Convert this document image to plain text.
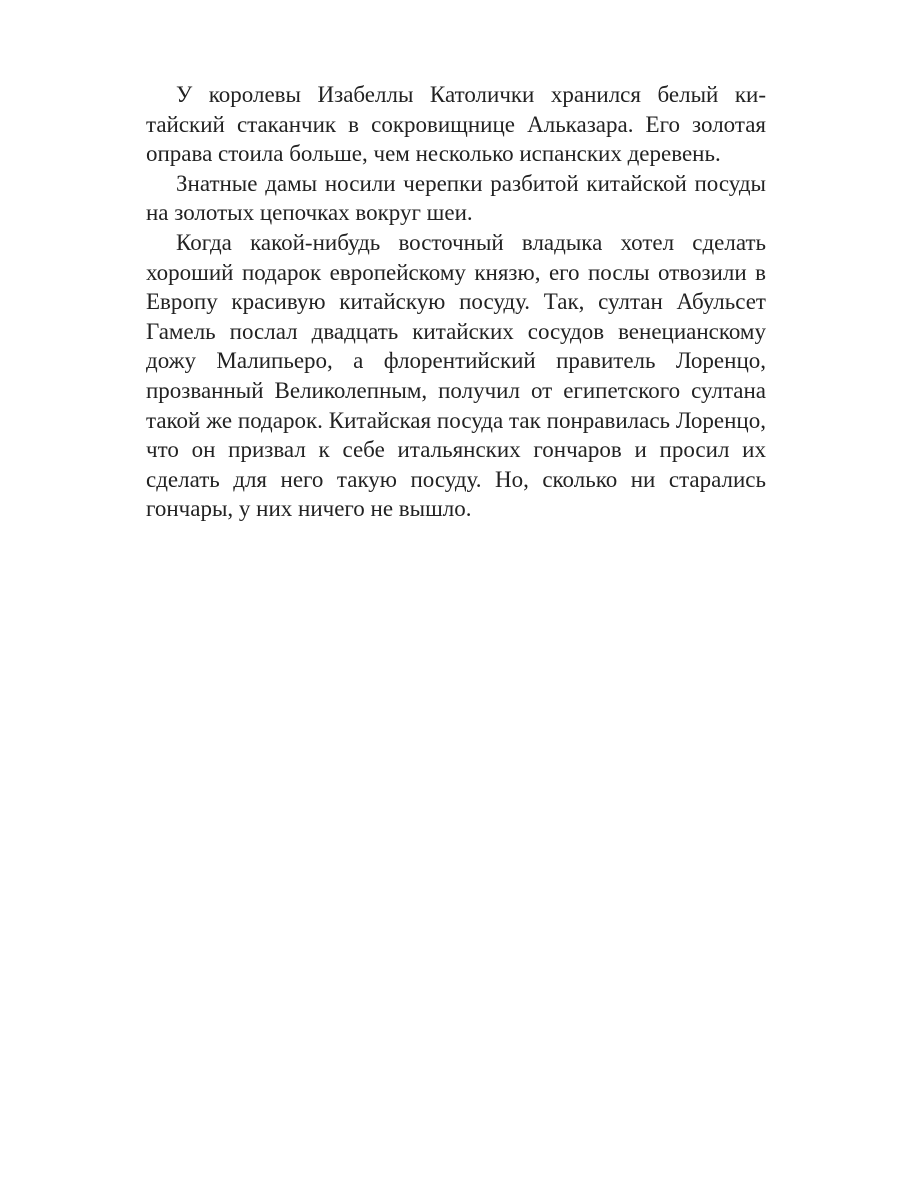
У королевы Изабеллы Католички хранился белый китайский стаканчик в сокровищнице Альказара. Его золотая оправа стоила больше, чем несколько испанских деревень.

Знатные дамы носили черепки разбитой китайской посуды на золотых цепочках вокруг шеи.

Когда какой-нибудь восточный владыка хотел сделать хороший подарок европейскому князю, его послы отвозили в Европу красивую китайскую посуду. Так, султан Абульсет Гамель послал двадцать китайских сосудов венецианскому дожу Малипьеро, а флорентийский правитель Лоренцо, прозванный Великолепным, получил от египетского султана такой же подарок. Китайская посуда так понравилась Лоренцо, что он призвал к себе итальянских гончаров и просил их сделать для него такую посуду. Но, сколько ни старались гончары, у них ничего не вышло.
